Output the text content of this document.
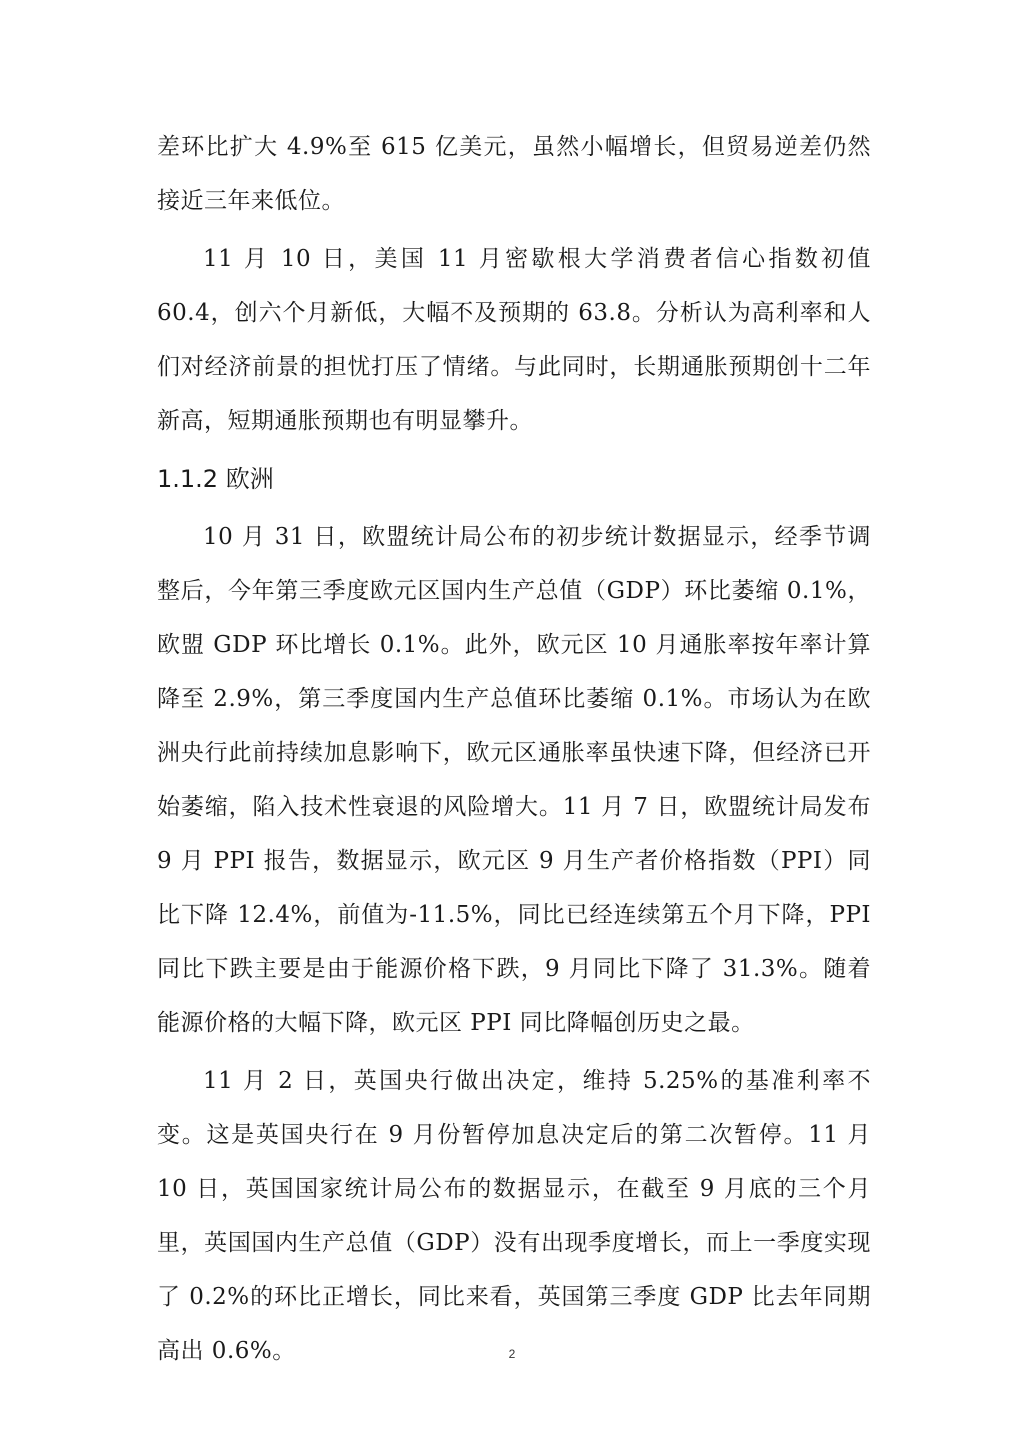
差环比扩大 4.9%至 615 亿美元，虽然小幅增长，但贸易逆差仍然接近三年来低位。

11 月 10 日，美国 11 月密歇根大学消费者信心指数初值 60.4，创六个月新低，大幅不及预期的 63.8。分析认为高利率和人们对经济前景的担忧打压了情绪。与此同时，长期通胀预期创十二年新高，短期通胀预期也有明显攀升。

1.1.2 欧洲

10 月 31 日，欧盟统计局公布的初步统计数据显示，经季节调整后，今年第三季度欧元区国内生产总值（GDP）环比萎缩 0.1%，欧盟 GDP 环比增长 0.1%。此外，欧元区 10 月通胀率按年率计算降至 2.9%，第三季度国内生产总值环比萎缩 0.1%。市场认为在欧洲央行此前持续加息影响下，欧元区通胀率虽快速下降，但经济已开始萎缩，陷入技术性衰退的风险增大。11 月 7 日，欧盟统计局发布 9 月 PPI 报告，数据显示，欧元区 9 月生产者价格指数（PPI）同比下降 12.4%，前值为-11.5%，同比已经连续第五个月下降，PPI 同比下跌主要是由于能源价格下跌，9 月同比下降了 31.3%。随着能源价格的大幅下降，欧元区 PPI 同比降幅创历史之最。

11 月 2 日，英国央行做出决定，维持 5.25%的基准利率不变。这是英国央行在 9 月份暂停加息决定后的第二次暂停。11 月 10 日，英国国家统计局公布的数据显示，在截至 9 月底的三个月里，英国国内生产总值（GDP）没有出现季度增长，而上一季度实现了 0.2%的环比正增长，同比来看，英国第三季度 GDP 比去年同期高出 0.6%。	2
